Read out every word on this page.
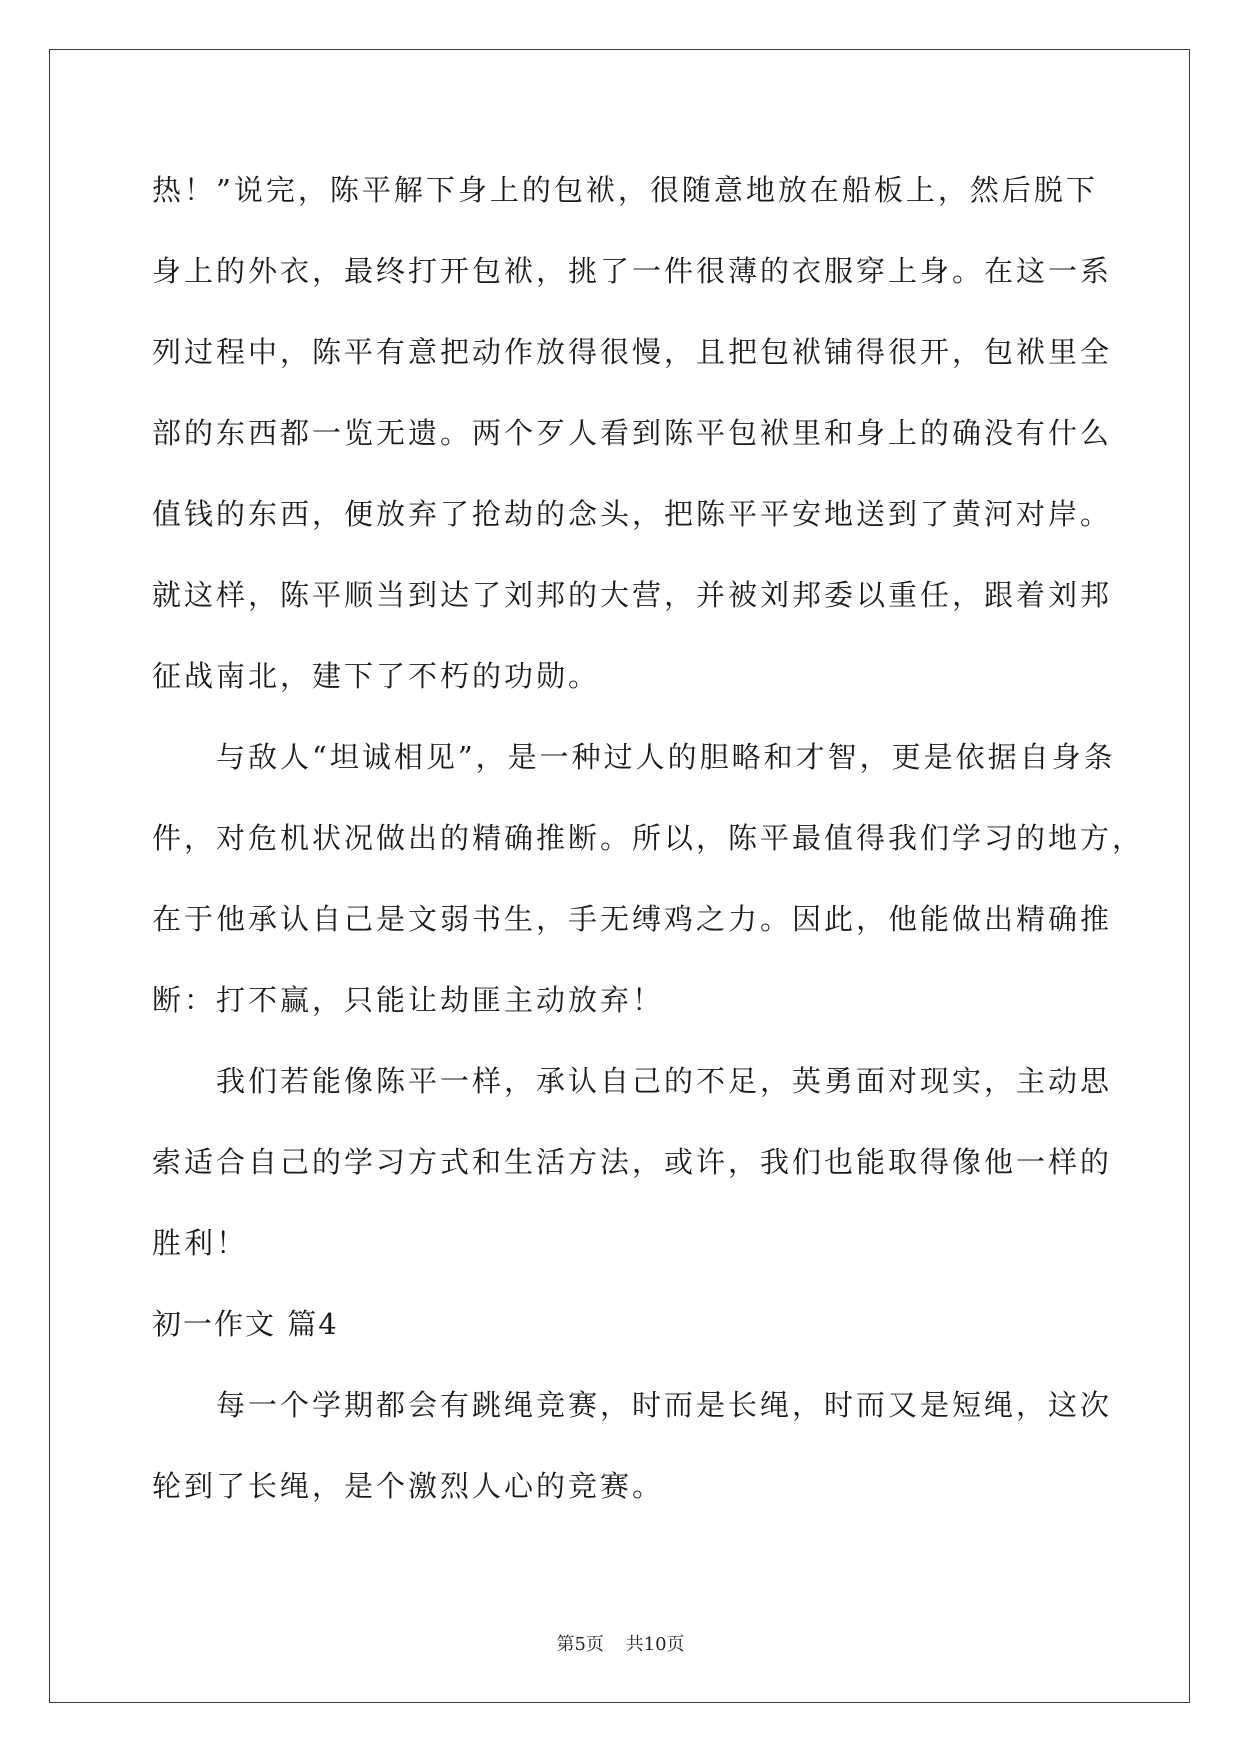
热！”说完，陈平解下身上的包袱，很随意地放在船板上，然后脱下
身上的外衣，最终打开包袱，挑了一件很薄的衣服穿上身。在这一系
列过程中，陈平有意把动作放得很慢，且把包袱铺得很开，包袱里全
部的东西都一览无遗。两个歹人看到陈平包袱里和身上的确没有什么
值钱的东西，便放弃了抢劫的念头，把陈平平安地送到了黄河对岸。
就这样，陈平顺当到达了刘邦的大营，并被刘邦委以重任，跟着刘邦
征战南北，建下了不朽的功勋。
与敌人“坦诚相见”，是一种过人的胆略和才智，更是依据自身条
件，对危机状况做出的精确推断。所以，陈平最值得我们学习的地方，
在于他承认自己是文弱书生，手无缚鸡之力。因此，他能做出精确推
断：打不赢，只能让劫匪主动放弃！
我们若能像陈平一样，承认自己的不足，英勇面对现实，主动思
索适合自己的学习方式和生活方法，或许，我们也能取得像他一样的
胜利！
初一作文 篇4
每一个学期都会有跳绳竞赛，时而是长绳，时而又是短绳，这次
轮到了长绳，是个激烈人心的竞赛。
第5页 共10页
